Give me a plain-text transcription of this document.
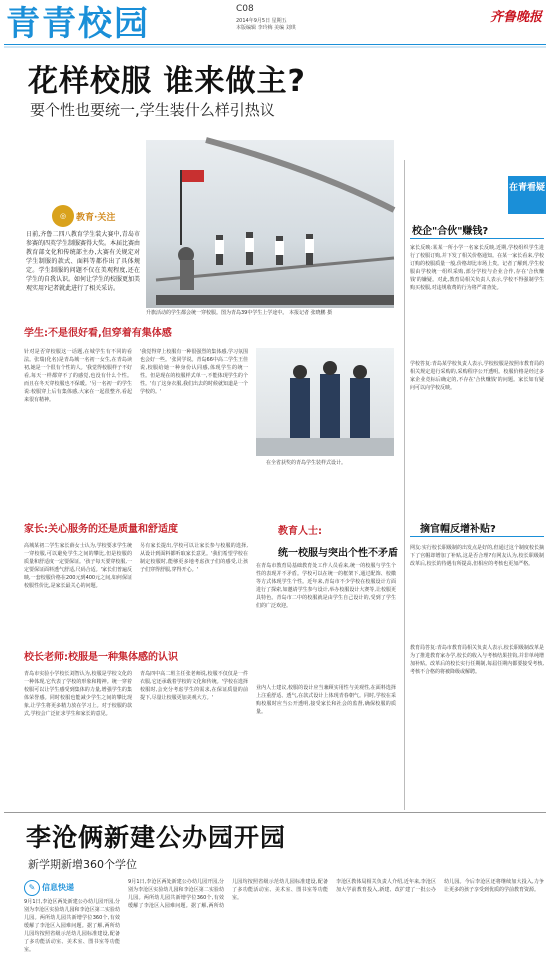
青青校园	C08
2014年9月5日 星期五
本版编辑 李玲梅 美编 刘琪
齐鲁晚报
花样校服 谁来做主?
要个性也要统一,学生装什么样引热议
◎	教育·关注
日前,齐鲁二四八教育学生装大赛中,青岛市参赛的四英学生制服赛得大奖。本届比赛由教育部文化和传统部主办,大赛有关规定对学生制服的款式、面料等都作出了具体规定。学生制服的问题不仅在美观程度,还在学生的自我认识。如何让学生的校服更加美观实用?记者就此进行了相关采访。
升旗活动的学生都会统一穿校服。图为青岛39中学生上学途中。 本报记者 张晓鹏 摄
学生:不是很好看,但穿着有集体感
针对是否穿校服这一话题,在城学生有不同的看法。张瑞(化名)是青岛城一名初一女生,在青岛读初,她是一个很有个性的人。'我觉得校服样子不好看,每天一样都穿不了的感觉,也没有什么个性。而且在冬天穿校服也不保暖。'另一名初一的学生说:校服穿上后有集体感,大家在一起很整齐,看起来很有精神。
'我觉得穿上校服有一种很强烈的集体感,学习氛围也会好一些。'张同学说。青岛66中高二学生王佳说,校服给她一种身份认同感,体现学生的统一性。但是现在的校服样式单一,不能体现学生的个性。'有了这身衣服,我们出去的时候就知道是一个学校的。'
在全省获奖的青岛学生装样式设计。
家长:关心服务的还是质量和舒适度
高城某初二学生家长薛女士认为,学校要求学生统一穿校服,可以避免学生之间的攀比,但是校服的质量和舒适度一定要保证。'孩子每天要穿校服,一定要保证面料透气舒适,尺码合适。'家长们普遍反映,一套校服价格在200元到400元之间,如何保证校服性价比,是家长最关心的问题。
另有家长提出,学校可以让家长参与校服的选择,从设计到面料都听取家长意见。'我们希望学校在制定校服时,能够更多地考虑孩子们的感受,让孩子们穿得舒服,穿得开心。'
教育人士:
统一校服与突出个性不矛盾
在青岛市教育局基础教育处工作人员看来,统一的校服与学生个性的表现并不矛盾。学校可以在统一的框架下,通过配饰、校徽等方式体现学生个性。近年来,青岛市不少学校在校服设计方面进行了探索,如邀请学生参与设计,举办校服设计大赛等,让校服更具特色。青岛市二中的校服就是由学生自己设计的,受到了学生们的广泛欢迎。
业内人士建议,校服的设计应当兼顾实用性与美观性,在面料选择上注重舒适、透气,在款式设计上体现青春朝气。同时,学校在采购校服时应当公开透明,接受家长和社会的监督,确保校服的质量。
校长老师:校服是一种集体感的认识
青岛市实验小学校长刘智认为,校服是学校文化的一种体现,它代表了学校的形象和精神。统一穿着校服可以让学生感受到集体的力量,增强学生的集体荣誉感。同时校服也能减少学生之间的攀比现象,让学生将更多精力放在学习上。对于校服的款式,学校会广泛征求学生和家长的意见。
青岛四中高二班主任张老师说,校服不仅仅是一件衣服,它还承载着学校的文化和传统。'学校在选择校服时,会充分考虑学生的需求,在保证质量的前提下,尽量让校服更加美观大方。'
在青看疑
校企"合伙"赚钱?
家长反映:某某一所小学一名家长反映,近期,学校组织学生进行了校服订购,并下发了相关价格通知。在某一家长看来,学校订购的校服质量一般,价格却比市场上贵。记者了解到,学生校服由学校统一组织采购,部分学校与企业合作,存在'合伙赚钱'的嫌疑。对此,教育局相关负责人表示,学校不得强制学生购买校服,对违规收费的行为将严肃查处。
学校答复:青岛某学校负责人表示,学校校服是按照市教育局的相关规定进行采购的,采购程序公开透明。校服价格是经过多家企业竞标后确定的,不存在'合伙赚钱'的问题。家长如有疑问可以向学校反映。
摘官帽反增补贴?
网友:实行校长职级制的出发点是好的,但通过这个制度校长摘下了官帽却增加了补贴,这是否合理?有网友认为,校长职级制改革后,校长的待遇有所提高,但相应的考核也更加严格。
教育局答复:青岛市教育局相关负责人表示,校长职级制改革是为了推进教育家办学,校长的收入与考核结果挂钩,并非单纯增加补贴。改革后的校长实行任期制,每届任期内都要接受考核,考核不合格的将被降级或解聘。
李沧俩新建公办园开园
新学期新增360个学位
✎ 信息快递
9月1日,李沧区两处新建公办幼儿园开园,分别为李沧区实验幼儿园和李沧区第二实验幼儿园。两所幼儿园共新增学位360个,有效缓解了李沧区入园难问题。据了解,两所幼儿园均按照省级示范幼儿园标准建设,配备了多功能活动室、美术室、图书室等功能室。
9月1日,李沧区两处新建公办幼儿园开园,分别为李沧区实验幼儿园和李沧区第二实验幼儿园。两所幼儿园共新增学位360个,有效缓解了李沧区入园难问题。据了解,两所幼儿园均按照省级示范幼儿园标准建设,配备了多功能活动室、美术室、图书室等功能室。
李沧区教体局相关负责人介绍,近年来,李沧区加大学前教育投入,新建、改扩建了一批公办幼儿园。今后李沧区还将继续加大投入,力争让更多的孩子享受到优质的学前教育资源。
